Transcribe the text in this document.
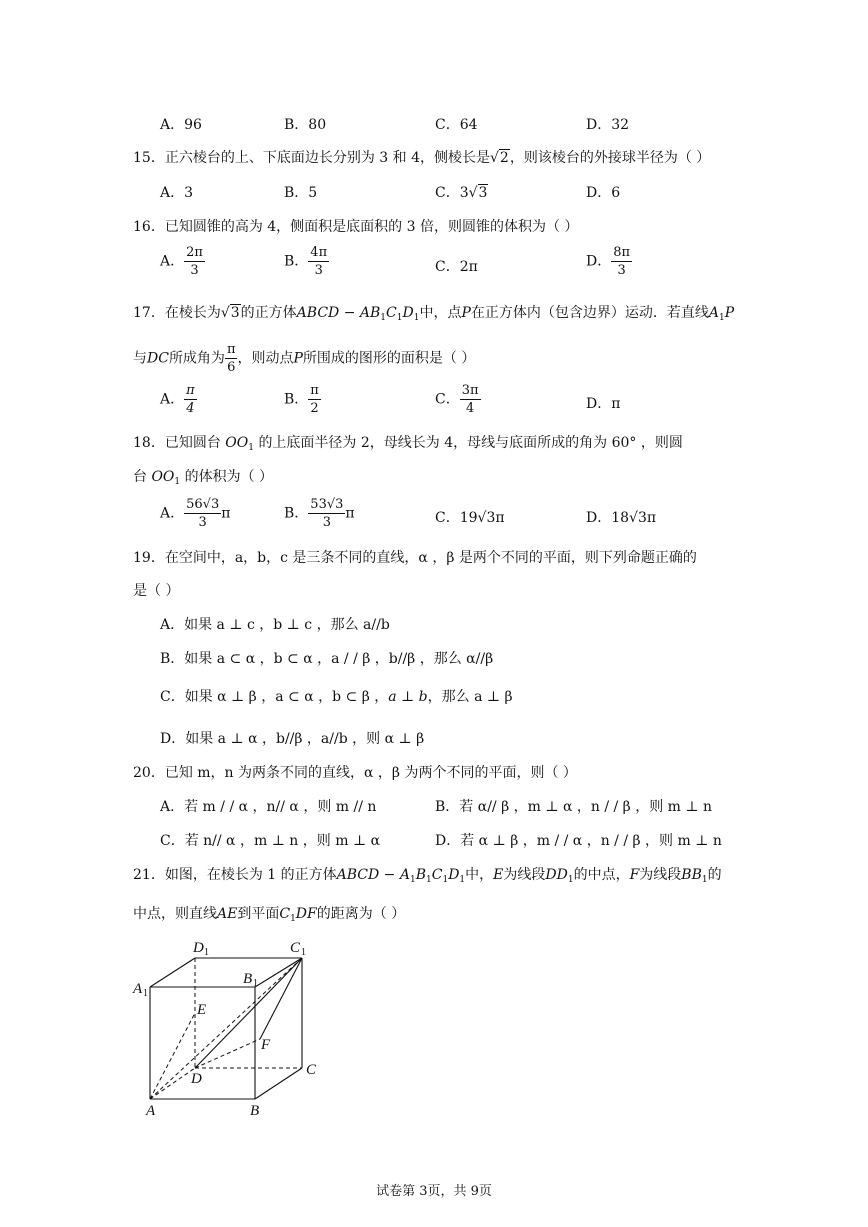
A．96	B．80	C．64	D．32
15．正六棱台的上、下底面边长分别为 3 和 4，侧棱长是√2，则该棱台的外接球半径为（ ）
A．3	B．5	C．3√3	D．6
16．已知圆锥的高为 4，侧面积是底面积的 3 倍，则圆锥的体积为（ ）
A． $\frac{2\pi}{3}$	B． $\frac{4\pi}{3}$	C．2π	D． $\frac{8\pi}{3}$
17．在棱长为√3的正方体ABCD − $AB_1C_1D_1$中，点P在正方体内（包含边界）运动．若直线$A_1P$
与DC所成角为 $\frac{\pi}{6}$ ，则动点P所围成的图形的面积是（ ）
A． $\frac{\pi}{4}$	B． $\frac{\pi}{2}$	C． $\frac{3\pi}{4}$	D．π
18．已知圆台 $OO_1$ 的上底面半径为 2，母线长为 4，母线与底面所成的角为 60° ，则圆
台 $OO_1$ 的体积为（ ）
A． $\frac{56√3}{3}$ π	B． $\frac{53√3}{3}$ π	C．19√3π	D．18√3π
19．在空间中，a，b，c 是三条不同的直线，α ，β 是两个不同的平面，则下列命题正确的
是（ ）
A．如果 a ⊥ c ，b ⊥ c ，那么 a//b
B．如果 a ⊂ α ，b ⊂ α ，a / / β ，b//β ，那么 α//β
C．如果 α ⊥ β ，a ⊂ α ，b ⊂ β ，a ⊥ b，那么 a ⊥ β
D．如果 a ⊥ α ，b//β ，a//b ，则 α ⊥ β
20．已知 m，n 为两条不同的直线，α ，β 为两个不同的平面，则（ ）
A．若 m / / α ，n// α ，则 m // n	B．若 α// β ，m ⊥ α ，n / / β ，则 m ⊥ n
C．若 n// α ，m ⊥ n ，则 m ⊥ α	D．若 α ⊥ β ，m / / α ，n / / β ，则 m ⊥ n
21．如图，在棱长为 1 的正方体ABCD − $A_1B_1C_1D_1$中，E为线段$DD_1$的中点，F为线段$BB_1$的
中点，则直线AE到平面$C_1DF$的距离为（ ）
D 1	C 1
A 1
B 1
E
F
D
C
A	B
试卷第 3页，共 9页
